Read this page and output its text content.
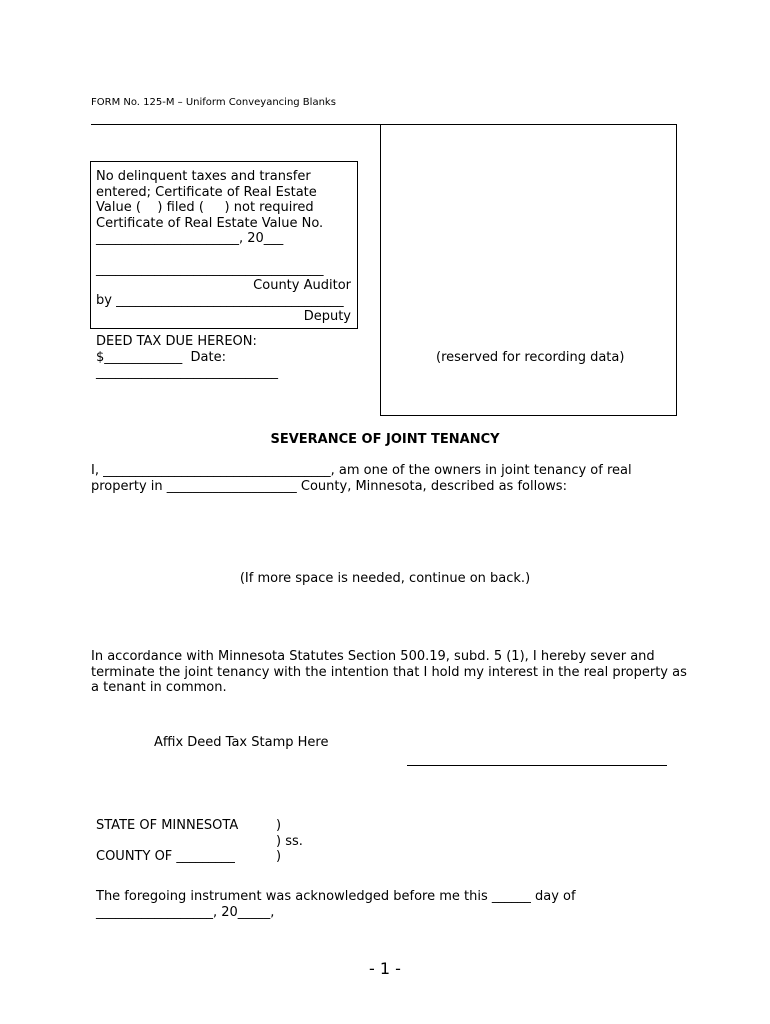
FORM No. 125-M – Uniform Conveyancing Blanks
(reserved for recording data)
No delinquent taxes and transfer
entered; Certificate of Real Estate
Value (    ) filed (     ) not required
Certificate of Real Estate Value No.
______________________, 20___
___________________________________
County Auditor
by ___________________________________
Deputy
DEED TAX DUE HEREON:
$____________  Date:
____________________________
SEVERANCE OF JOINT TENANCY
I, ___________________________________, am one of the owners in joint tenancy of real
property in ____________________ County, Minnesota, described as follows:
(If more space is needed, continue on back.)
In accordance with Minnesota Statutes Section 500.19, subd. 5 (1), I hereby sever and
terminate the joint tenancy with the intention that I hold my interest in the real property as
a tenant in common.
Affix Deed Tax Stamp Here
STATE OF MINNESOTA	)
) ss.
COUNTY OF _________	)
The foregoing instrument was acknowledged before me this ______ day of
__________________, 20_____,
- 1 -
